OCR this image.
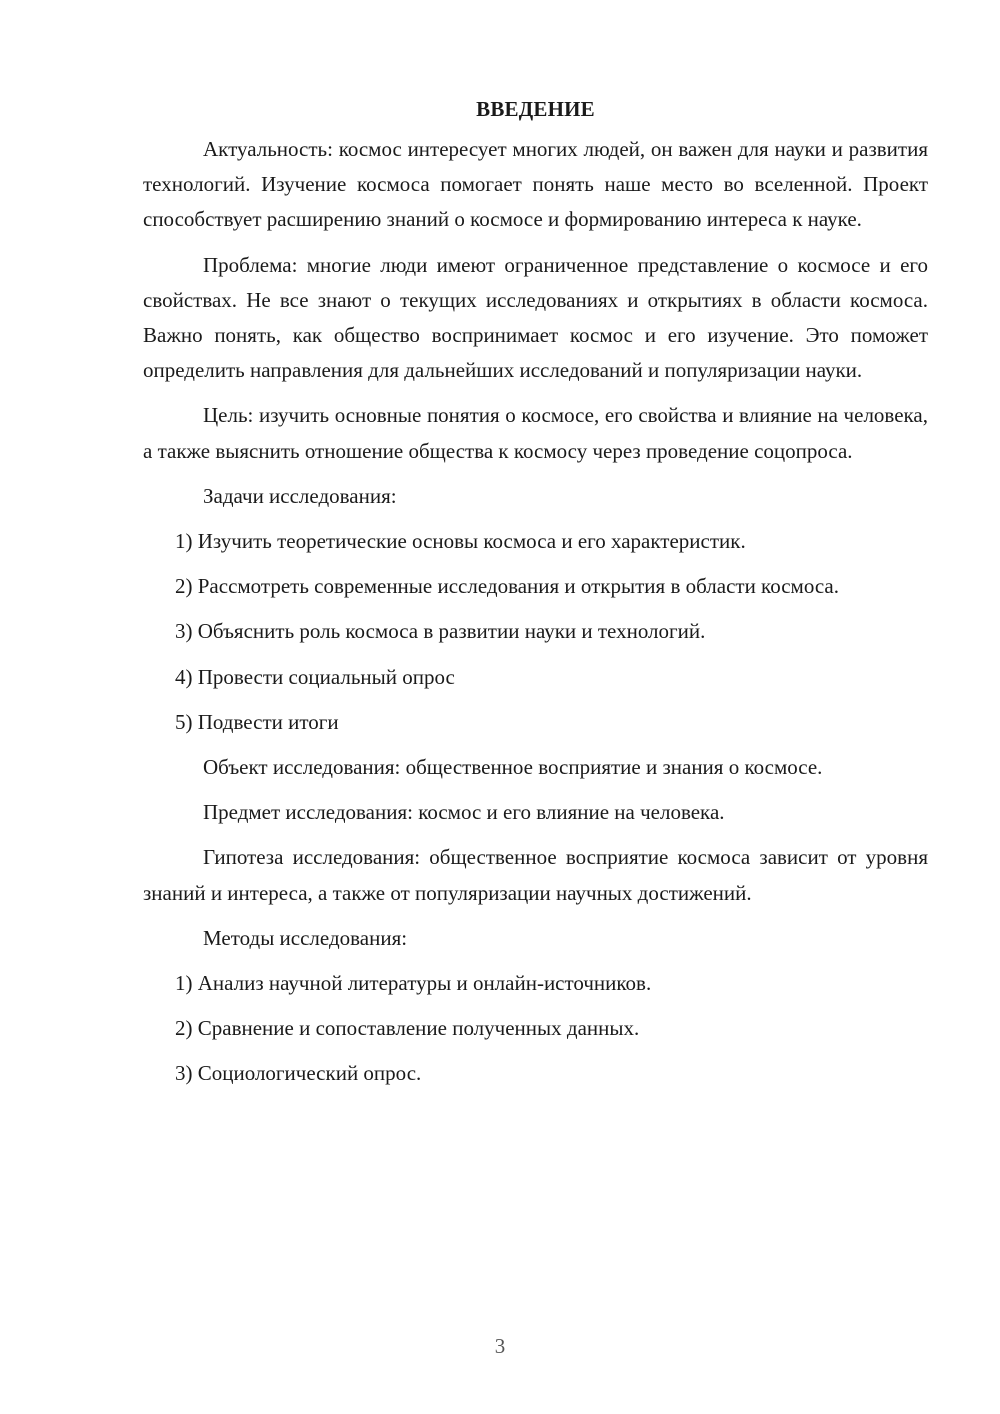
ВВЕДЕНИЕ

Актуальность: космос интересует многих людей, он важен для науки и развития технологий. Изучение космоса помогает понять наше место во вселенной. Проект способствует расширению знаний о космосе и формированию интереса к науке.

Проблема: многие люди имеют ограниченное представление о космосе и его свойствах. Не все знают о текущих исследованиях и открытиях в области космоса. Важно понять, как общество воспринимает космос и его изучение. Это поможет определить направления для дальнейших исследований и популяризации науки.

Цель: изучить основные понятия о космосе, его свойства и влияние на человека, а также выяснить отношение общества к космосу через проведение соцопроса.

Задачи исследования:

1) Изучить теоретические основы космоса и его характеристик.

2) Рассмотреть современные исследования и открытия в области космоса.

3) Объяснить роль космоса в развитии науки и технологий.

4) Провести социальный опрос

5) Подвести итоги

Объект исследования: общественное восприятие и знания о космосе.

Предмет исследования: космос и его влияние на человека.

Гипотеза исследования: общественное восприятие космоса зависит от уровня знаний и интереса, а также от популяризации научных достижений.

Методы исследования:

1) Анализ научной литературы и онлайн-источников.

2) Сравнение и сопоставление полученных данных.

3) Социологический опрос.

3
